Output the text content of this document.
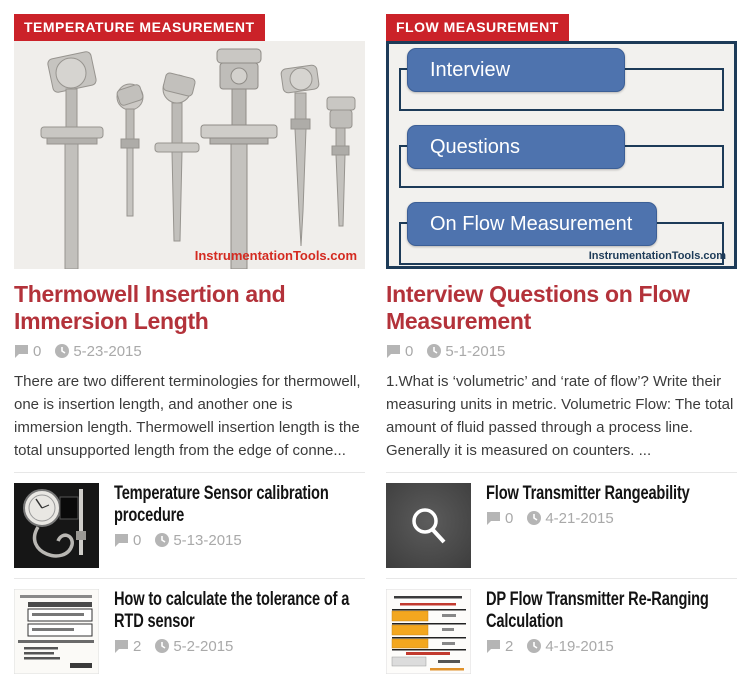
TEMPERATURE MEASUREMENT
InstrumentationTools.com
Thermowell Insertion and Immersion Length
0 5-23-2015

There are two different terminologies for thermowell, one is insertion length, and another one is immersion length. Thermowell insertion length is the total unsupported length from the edge of conne...

Temperature Sensor calibration procedure
0 5-13-2015
How to calculate the tolerance of a RTD sensor
2 5-2-2015
FLOW MEASUREMENT
Interview
Questions
On Flow Measurement
InstrumentationTools.com
Interview Questions on Flow Measurement
0 5-1-2015

1.What is ‘volumetric’ and ‘rate of flow’? Write their measuring units in metric. Volumetric Flow: The total amount of fluid passed through a process line. Generally it is measured on counters. ...

Flow Transmitter Rangeability
0 4-21-2015
DP Flow Transmitter Re-Ranging Calculation
2 4-19-2015
